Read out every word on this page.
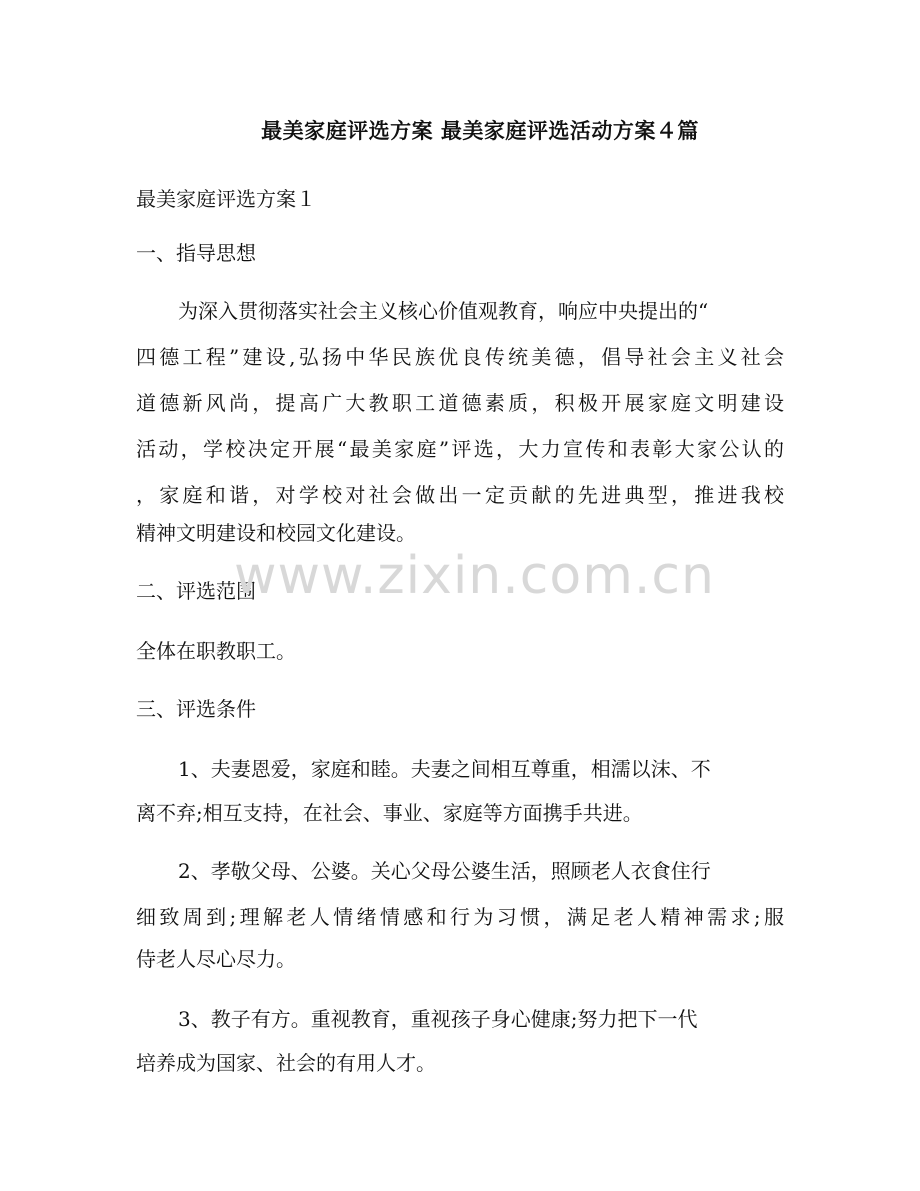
最美家庭评选方案 最美家庭评选活动方案４篇
最美家庭评选方案１
一、指导思想
为深入贯彻落实社会主义核心价值观教育，响应中央提出的“
四德工程”建设,弘扬中华民族优良传统美德，倡导社会主义社会
道德新风尚，提高广大教职工道德素质，积极开展家庭文明建设
活动，学校决定开展“最美家庭”评选，大力宣传和表彰大家公认的
，家庭和谐，对学校对社会做出一定贡献的先进典型，推进我校
精神文明建设和校园文化建设。
二、评选范围
全体在职教职工。
三、评选条件
1、夫妻恩爱，家庭和睦。夫妻之间相互尊重，相濡以沫、不
离不弃;相互支持，在社会、事业、家庭等方面携手共进。
2、孝敬父母、公婆。关心父母公婆生活，照顾老人衣食住行
细致周到;理解老人情绪情感和行为习惯，满足老人精神需求;服
侍老人尽心尽力。
3、教子有方。重视教育，重视孩子身心健康;努力把下一代
培养成为国家、社会的有用人才。
www.zixin.com.cn
